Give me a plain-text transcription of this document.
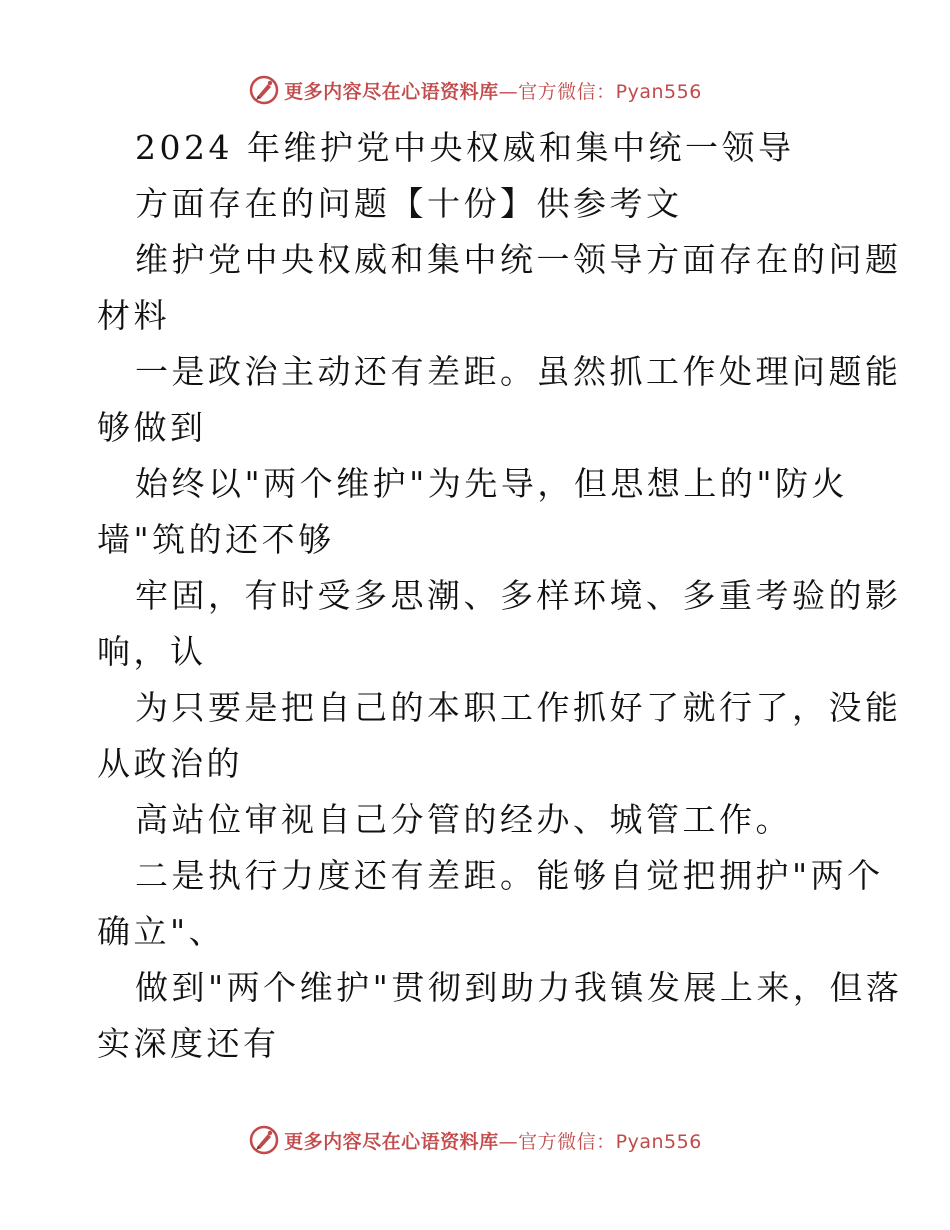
更多内容尽在心语资料库 —官方微信：Pyan556
2024 年维护党中央权威和集中统一领导
方面存在的问题【十份】供参考文
维护党中央权威和集中统一领导方面存在的问题
材料
一是政治主动还有差距。虽然抓工作处理问题能
够做到
始终以"两个维护"为先导，但思想上的"防火
墙"筑的还不够
牢固，有时受多思潮、多样环境、多重考验的影
响，认
为只要是把自己的本职工作抓好了就行了，没能
从政治的
高站位审视自己分管的经办、城管工作。
二是执行力度还有差距。能够自觉把拥护"两个
确立"、
做到"两个维护"贯彻到助力我镇发展上来，但落
实深度还有
更多内容尽在心语资料库 —官方微信：Pyan556
